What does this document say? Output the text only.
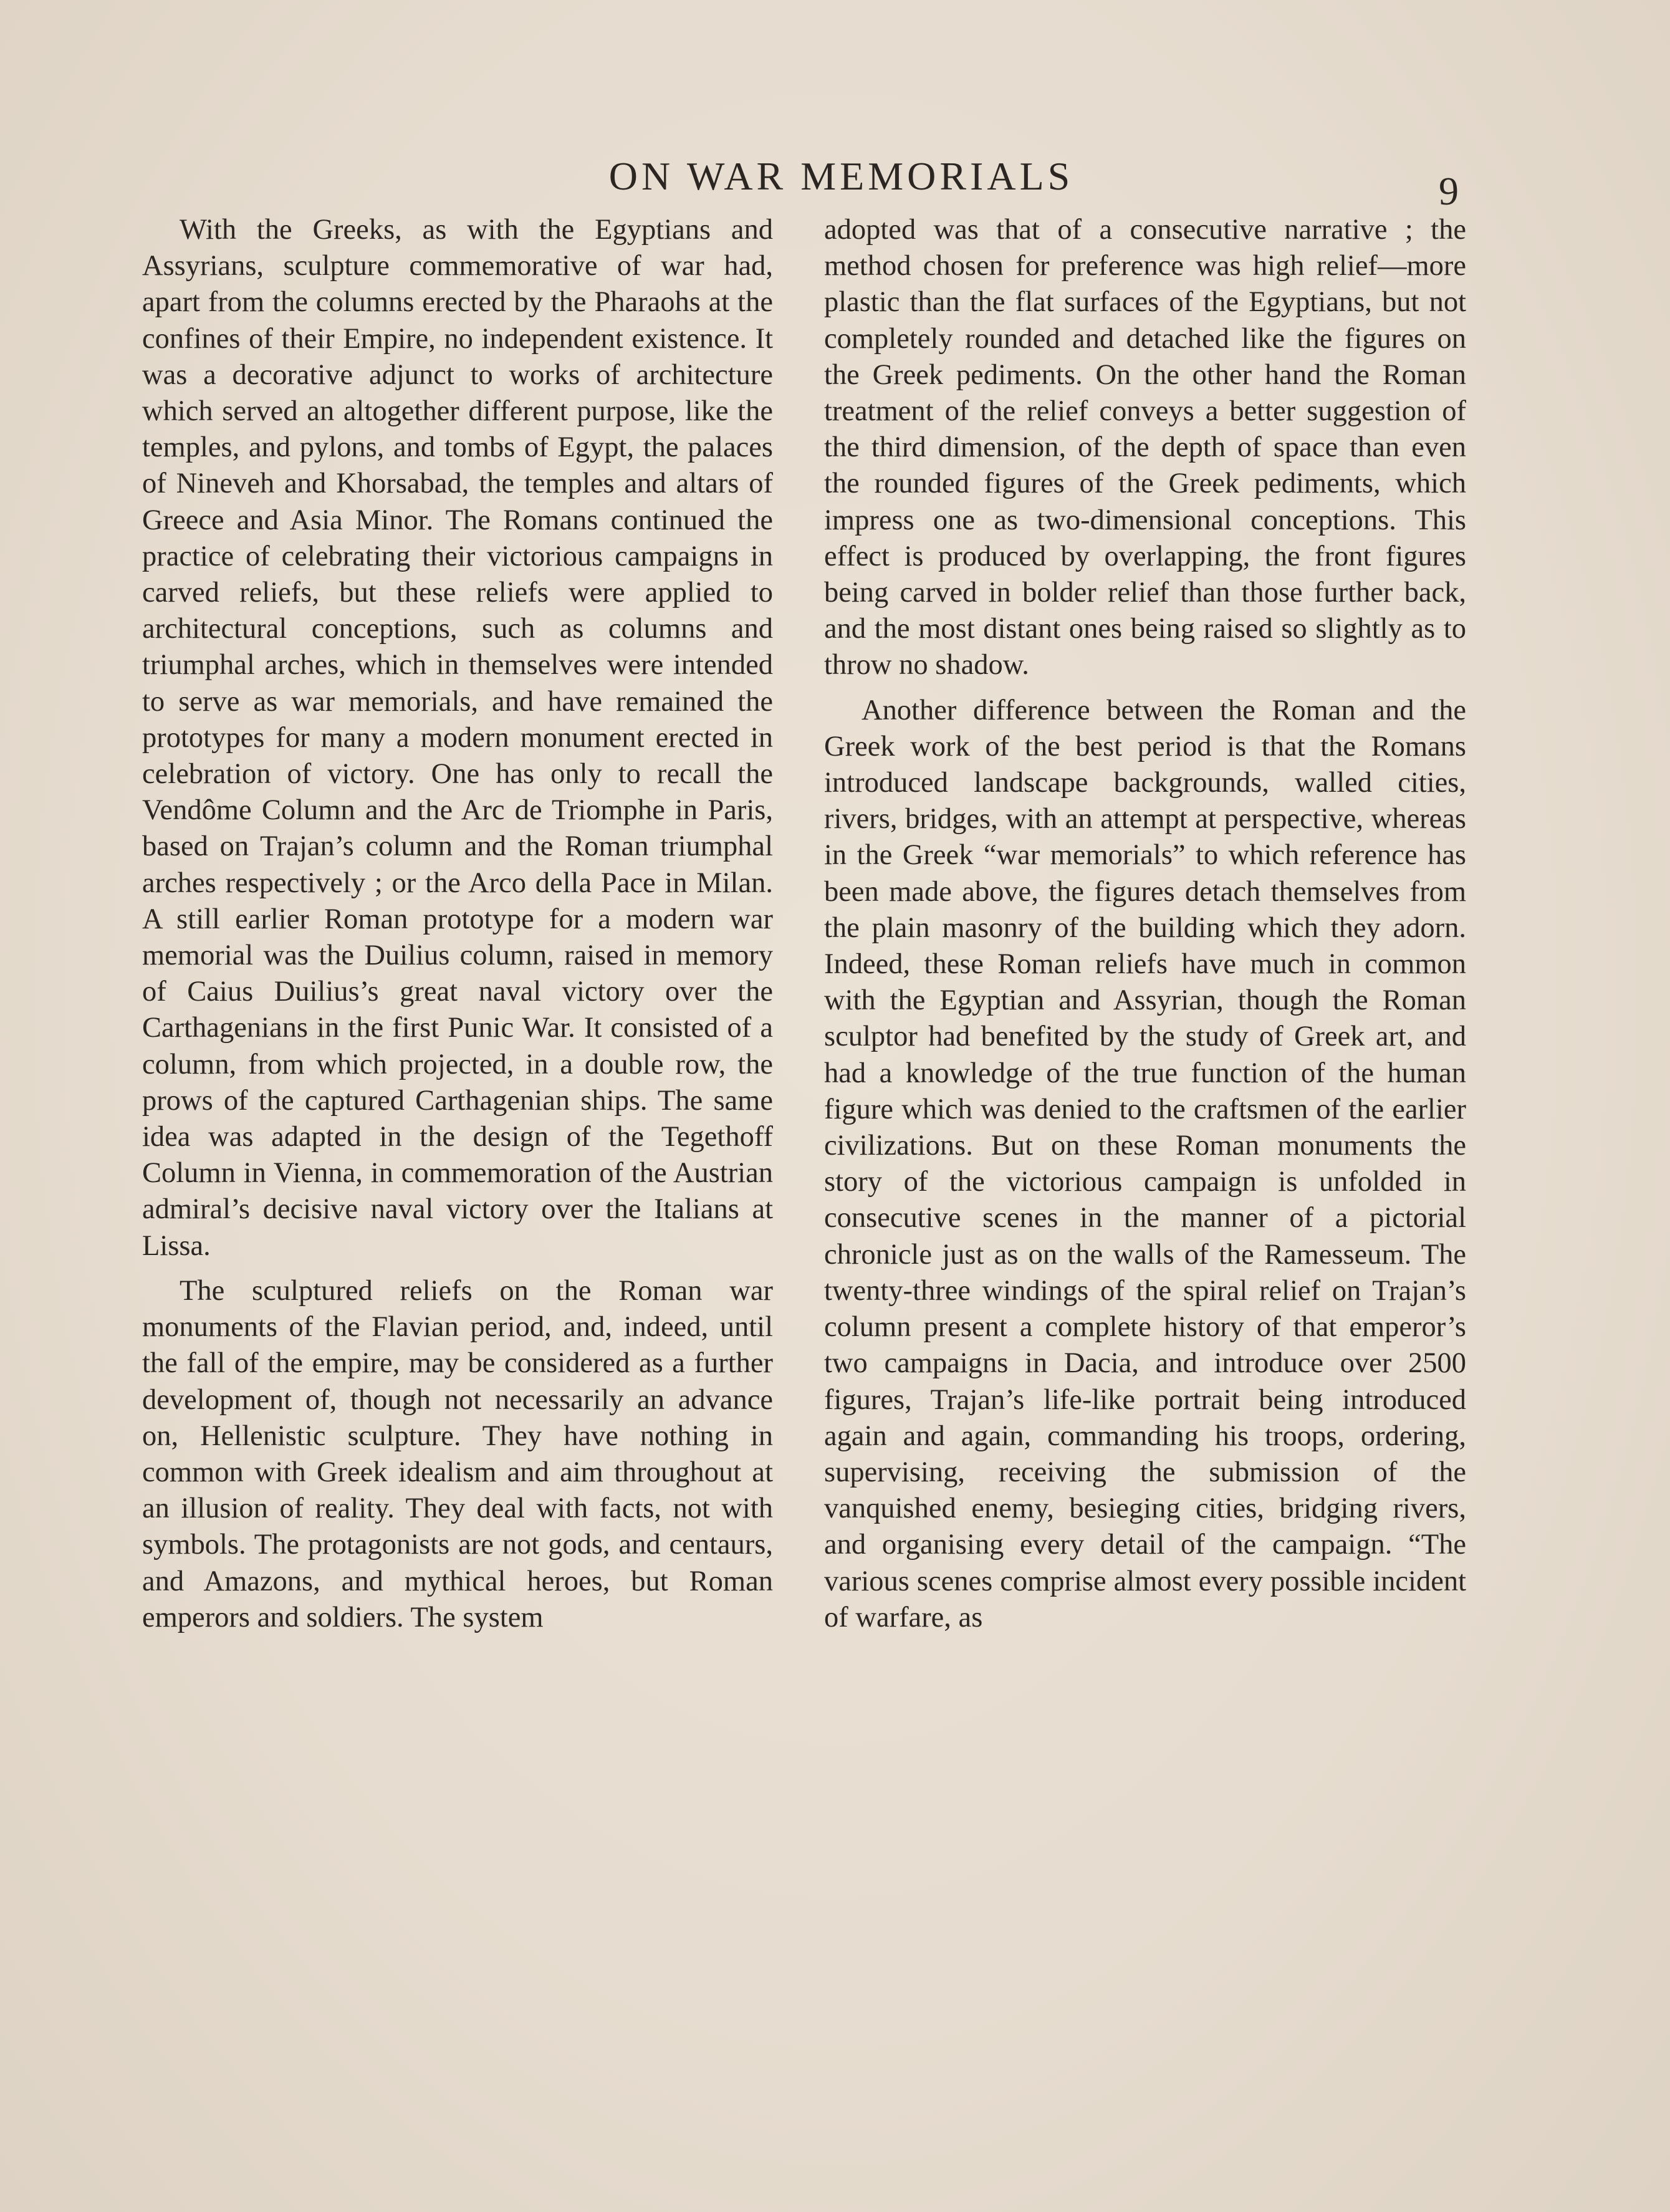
ON WAR MEMORIALS	9

With the Greeks, as with the Egyptians and Assyrians, sculpture commemorative of war had, apart from the columns erected by the Pharaohs at the confines of their Empire, no independent existence. It was a decorative adjunct to works of architecture which served an altogether different purpose, like the temples, and pylons, and tombs of Egypt, the palaces of Nineveh and Khorsabad, the temples and altars of Greece and Asia Minor. The Romans continued the practice of celebrating their victorious campaigns in carved reliefs, but these reliefs were applied to architectural conceptions, such as columns and triumphal arches, which in themselves were intended to serve as war memorials, and have remained the prototypes for many a modern monument erected in celebration of victory. One has only to recall the Vendôme Column and the Arc de Triomphe in Paris, based on Trajan’s column and the Roman triumphal arches respectively ; or the Arco della Pace in Milan. A still earlier Roman prototype for a modern war memorial was the Duilius column, raised in memory of Caius Duilius’s great naval victory over the Carthagenians in the first Punic War. It consisted of a column, from which projected, in a double row, the prows of the captured Carthagenian ships. The same idea was adapted in the design of the Tegethoff Column in Vienna, in commemoration of the Austrian admiral’s decisive naval victory over the Italians at Lissa.

The sculptured reliefs on the Roman war monuments of the Flavian period, and, indeed, until the fall of the empire, may be considered as a further development of, though not necessarily an advance on, Hellenistic sculpture. They have nothing in common with Greek idealism and aim throughout at an illusion of reality. They deal with facts, not with symbols. The protagonists are not gods, and centaurs, and Amazons, and mythical heroes, but Roman emperors and soldiers. The system

adopted was that of a consecutive narrative ; the method chosen for preference was high relief—more plastic than the flat surfaces of the Egyptians, but not completely rounded and detached like the figures on the Greek pediments. On the other hand the Roman treatment of the relief conveys a better suggestion of the third dimension, of the depth of space than even the rounded figures of the Greek pediments, which impress one as two-dimensional conceptions. This effect is produced by overlapping, the front figures being carved in bolder relief than those further back, and the most distant ones being raised so slightly as to throw no shadow.

Another difference between the Roman and the Greek work of the best period is that the Romans introduced landscape backgrounds, walled cities, rivers, bridges, with an attempt at perspective, whereas in the Greek “war memorials” to which reference has been made above, the figures detach themselves from the plain masonry of the building which they adorn. Indeed, these Roman reliefs have much in common with the Egyptian and Assyrian, though the Roman sculptor had benefited by the study of Greek art, and had a knowledge of the true function of the human figure which was denied to the craftsmen of the earlier civilizations. But on these Roman monuments the story of the victorious campaign is unfolded in consecutive scenes in the manner of a pictorial chronicle just as on the walls of the Ramesseum. The twenty-three windings of the spiral relief on Trajan’s column present a complete history of that emperor’s two campaigns in Dacia, and introduce over 2500 figures, Trajan’s life-like portrait being introduced again and again, commanding his troops, ordering, supervising, receiving the submission of the vanquished enemy, besieging cities, bridging rivers, and organising every detail of the campaign. “The various scenes comprise almost every possible incident of warfare, as
